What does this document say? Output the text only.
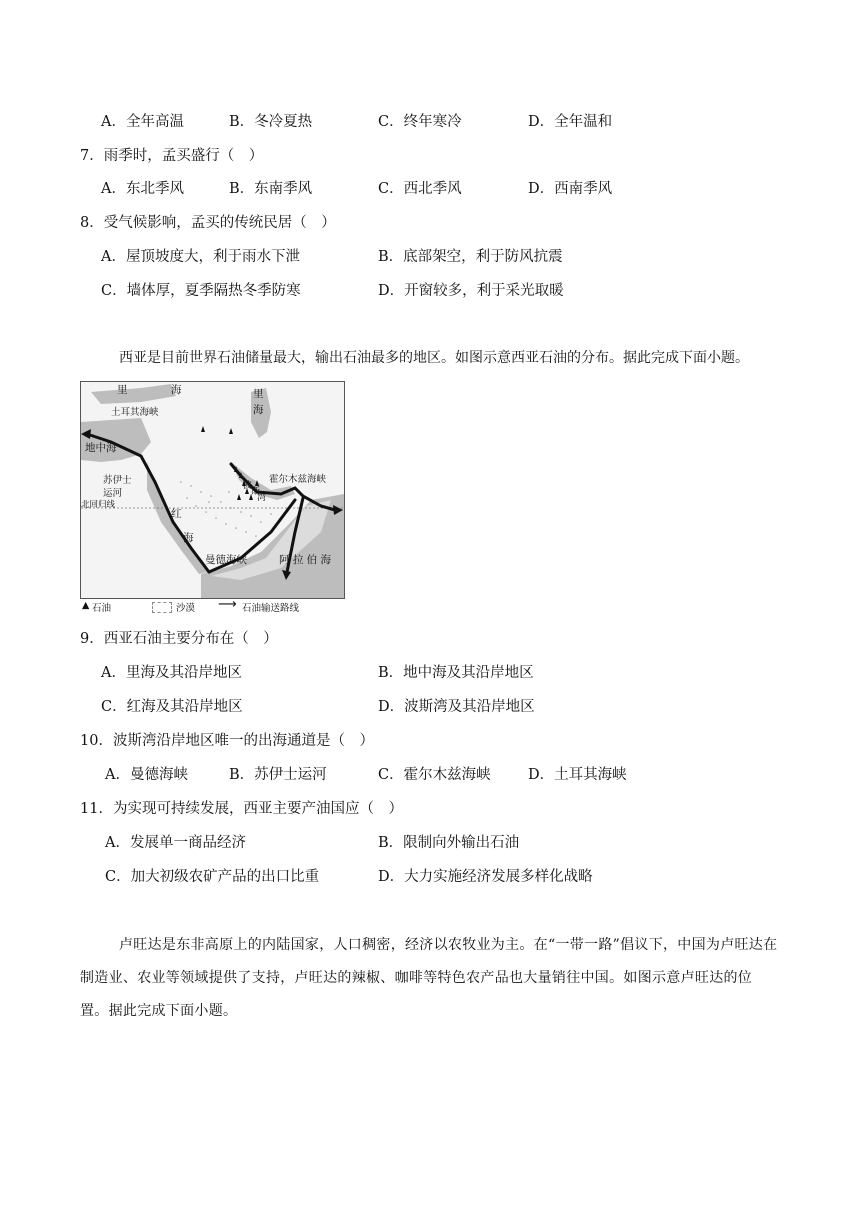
A．全年高温	B．冬冷夏热	C．终年寒冷	D．全年温和
7．雨季时，孟买盛行（　）
A．东北季风	B．东南季风	C．西北季风	D．西南季风
8．受气候影响，孟买的传统民居（　）
A．屋顶坡度大，利于雨水下泄	B．底部架空，利于防风抗震
C．墙体厚，夏季隔热冬季防寒	D．开窗较多，利于采光取暖
西亚是目前世界石油储量最大，输出石油最多的地区。如图示意西亚石油的分布。据此完成下面小题。
里	海
土耳其海峡
里
海
地中海
苏伊士
运河
北回归线
霍尔木兹海峡
波
斯
湾
红
海
曼德海峡	阿 拉 伯 海
▲ 石油	沙漠 ⟶ 石油输送路线
9．西亚石油主要分布在（　）
A．里海及其沿岸地区	B．地中海及其沿岸地区
C．红海及其沿岸地区	D．波斯湾及其沿岸地区
10．波斯湾沿岸地区唯一的出海通道是（　）
A．曼德海峡	B．苏伊士运河	C．霍尔木兹海峡	D．土耳其海峡
11．为实现可持续发展，西亚主要产油国应（　）
A．发展单一商品经济	B．限制向外输出石油
C．加大初级农矿产品的出口比重	D．大力实施经济发展多样化战略
卢旺达是东非高原上的内陆国家，人口稠密，经济以农牧业为主。在“一带一路”倡议下，中国为卢旺达在制造业、农业等领域提供了支持，卢旺达的辣椒、咖啡等特色农产品也大量销往中国。如图示意卢旺达的位置。据此完成下面小题。
